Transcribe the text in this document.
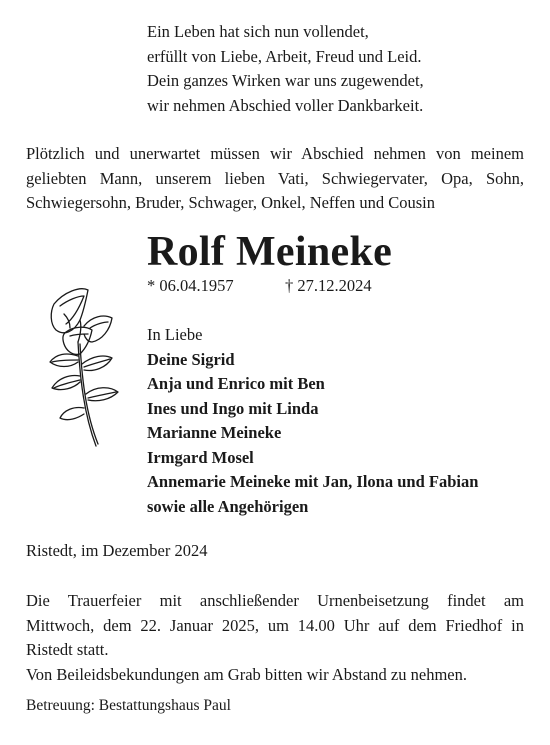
Ein Leben hat sich nun vollendet,
erfüllt von Liebe, Arbeit, Freud und Leid.
Dein ganzes Wirken war uns zugewendet,
wir nehmen Abschied voller Dankbarkeit.
Plötzlich und unerwartet müssen wir Abschied nehmen von meinem
geliebten Mann, unserem lieben Vati, Schwiegervater, Opa, Sohn,
Schwiegersohn, Bruder, Schwager, Onkel, Neffen und Cousin
Rolf Meineke
* 06.04.1957	† 27.12.2024
In Liebe
Deine Sigrid
Anja und Enrico mit Ben
Ines und Ingo mit Linda
Marianne Meineke
Irmgard Mosel
Annemarie Meineke mit Jan, Ilona und Fabian
sowie alle Angehörigen
Ristedt, im Dezember 2024
Die Trauerfeier mit anschließender Urnenbeisetzung findet am
Mittwoch, dem 22. Januar 2025, um 14.00 Uhr auf dem Friedhof in
Ristedt statt.
Von Beileidsbekundungen am Grab bitten wir Abstand zu nehmen.
Betreuung: Bestattungshaus Paul
